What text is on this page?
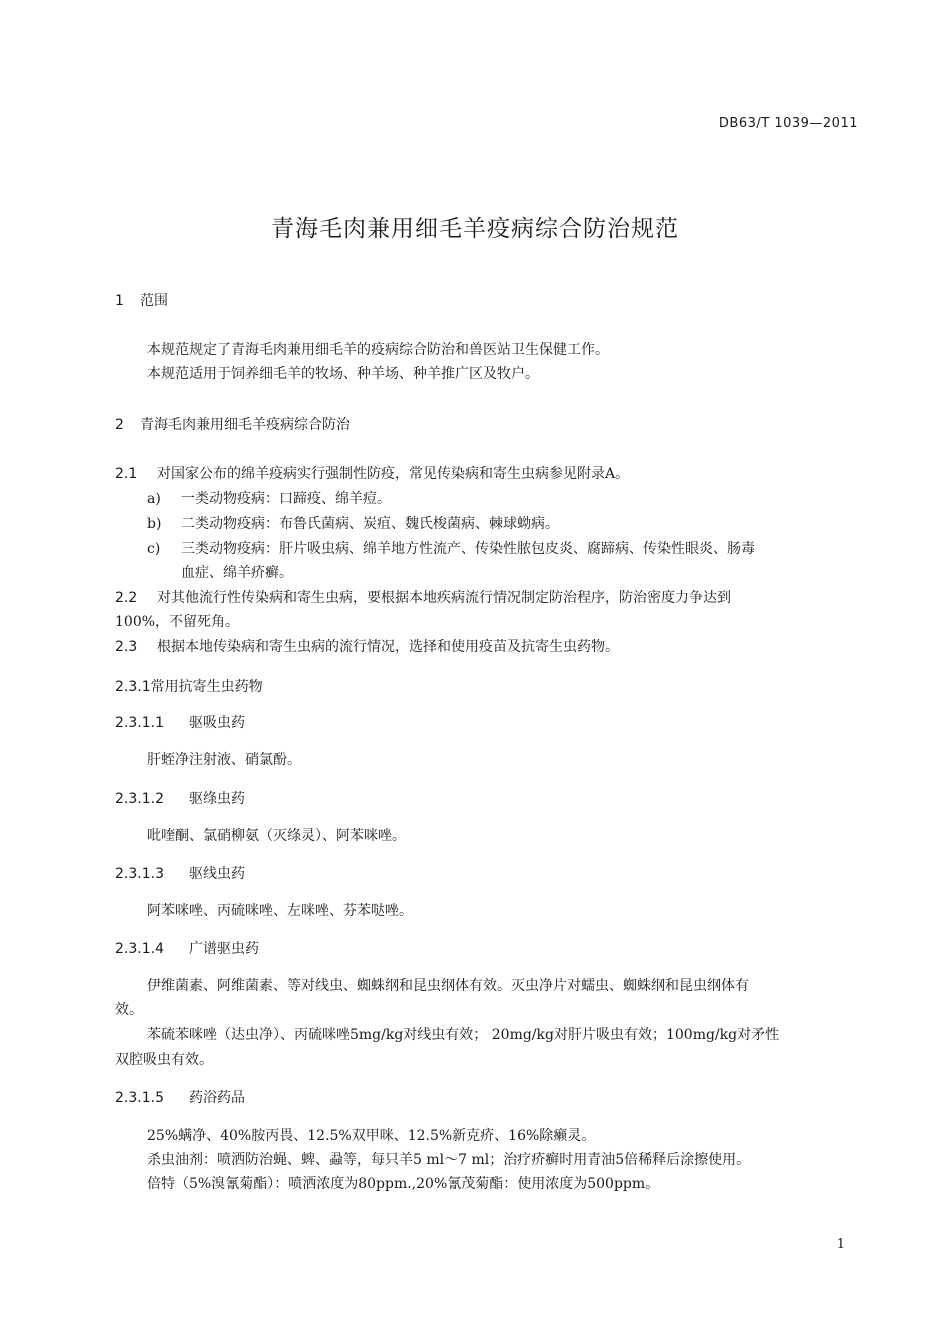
DB63/T 1039—2011
青海毛肉兼用细毛羊疫病综合防治规范
1 范围
本规范规定了青海毛肉兼用细毛羊的疫病综合防治和兽医站卫生保健工作。
本规范适用于饲养细毛羊的牧场、种羊场、种羊推广区及牧户。
2 青海毛肉兼用细毛羊疫病综合防治
2.1 对国家公布的绵羊疫病实行强制性防疫，常见传染病和寄生虫病参见附录A。
a) 一类动物疫病：口蹄疫、绵羊痘。
b) 二类动物疫病：布鲁氏菌病、炭疽、魏氏梭菌病、棘球蚴病。
c) 三类动物疫病：肝片吸虫病、绵羊地方性流产、传染性脓包皮炎、腐蹄病、传染性眼炎、肠毒
血症、绵羊疥癣。
2.2 对其他流行性传染病和寄生虫病，要根据本地疾病流行情况制定防治程序，防治密度力争达到
100%，不留死角。
2.3 根据本地传染病和寄生虫病的流行情况，选择和使用疫苗及抗寄生虫药物。
2.3.1常用抗寄生虫药物
2.3.1.1 驱吸虫药
肝蛭净注射液、硝氯酚。
2.3.1.2 驱绦虫药
吡喹酮、氯硝柳氨（灭绦灵）、阿苯咪唑。
2.3.1.3 驱线虫药
阿苯咪唑、丙硫咪唑、左咪唑、芬苯哒唑。
2.3.1.4 广谱驱虫药
伊维菌素、阿维菌素、等对线虫、蜘蛛纲和昆虫纲体有效。灭虫净片对蠕虫、蜘蛛纲和昆虫纲体有
效。
苯硫苯咪唑（达虫净）、丙硫咪唑5mg/kg对线虫有效； 20mg/kg对肝片吸虫有效；100mg/kg对矛性
双腔吸虫有效。
2.3.1.5 药浴药品
25%螨净、40%胺丙畏、12.5%双甲咪、12.5%新克疥、16%除癞灵。
杀虫油剂：喷洒防治蝇、蜱、蝨等，每只羊5 ml～7 ml；治疗疥癣时用青油5倍稀释后涂擦使用。
倍特（5%溴氰菊酯）：喷洒浓度为80ppm.,20%氰茂菊酯：使用浓度为500ppm。
1
